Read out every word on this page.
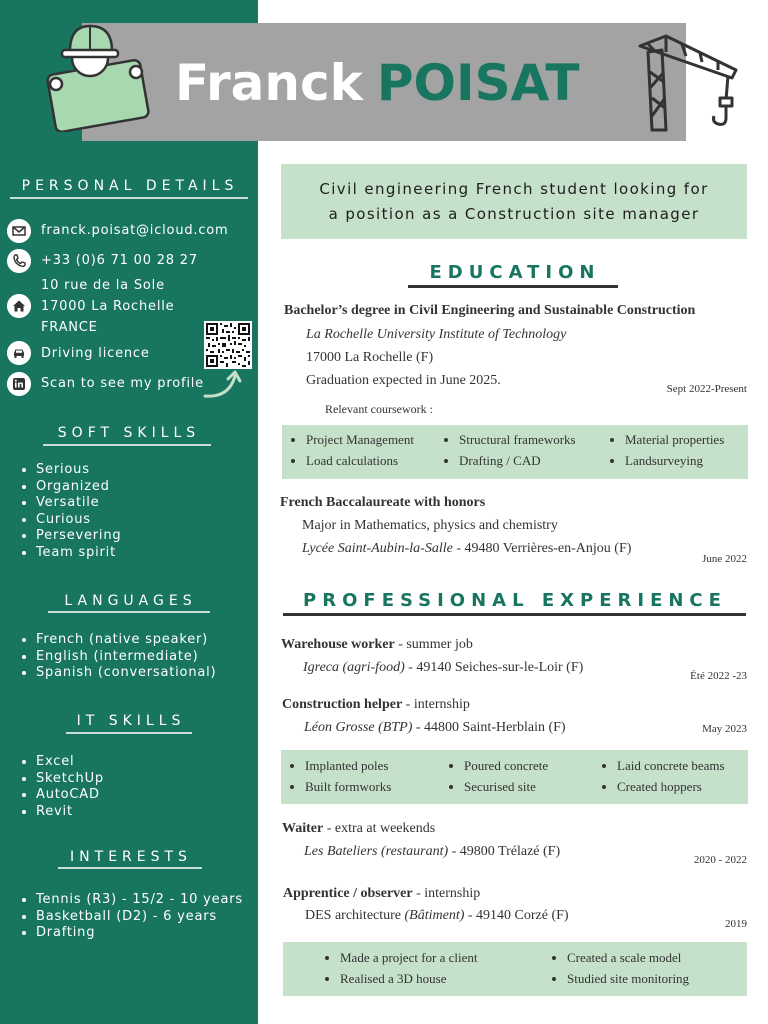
Franck POISAT
PERSONAL DETAILS
franck.poisat@icloud.com
+33 (0)6 71 00 28 27
10 rue de la Sole
17000 La Rochelle
FRANCE
Driving licence
Scan to see my profile
SOFT SKILLS
• Serious
• Organized
• Versatile
• Curious
• Persevering
• Team spirit
LANGUAGES
• French (native speaker)
• English (intermediate)
• Spanish (conversational)
IT SKILLS
• Excel
• SketchUp
• AutoCAD
• Revit
INTERESTS
• Tennis (R3) - 15/2 - 10 years
• Basketball (D2) - 6 years
• Drafting
Civil engineering French student looking for
a position as a Construction site manager
EDUCATION
Bachelor’s degree in Civil Engineering and Sustainable Construction
La Rochelle University Institute of Technology
17000 La Rochelle (F)
Graduation expected in June 2025.
Sept 2022-Present
Relevant coursework :
• Project Management
• Load calculations
• Structural frameworks
• Drafting / CAD
• Material properties
• Landsurveying
French Baccalaureate with honors
Major in Mathematics, physics and chemistry
Lycée Saint-Aubin-la-Salle - 49480 Verrières-en-Anjou (F)
June 2022
PROFESSIONAL EXPERIENCE
Warehouse worker - summer job
Igreca (agri-food) - 49140 Seiches-sur-le-Loir (F)
Été 2022 -23
Construction helper - internship
Léon Grosse (BTP) - 44800 Saint-Herblain (F)	May 2023
• Implanted poles
• Built formworks
• Poured concrete
• Securised site
• Laid concrete beams
• Created hoppers
Waiter - extra at weekends
Les Bateliers (restaurant) - 49800 Trélazé (F)
2020 - 2022
Apprentice / observer - internship
DES architecture (Bâtiment) - 49140 Corzé (F)
2019
• Made a project for a client
• Realised a 3D house
• Created a scale model
• Studied site monitoring
